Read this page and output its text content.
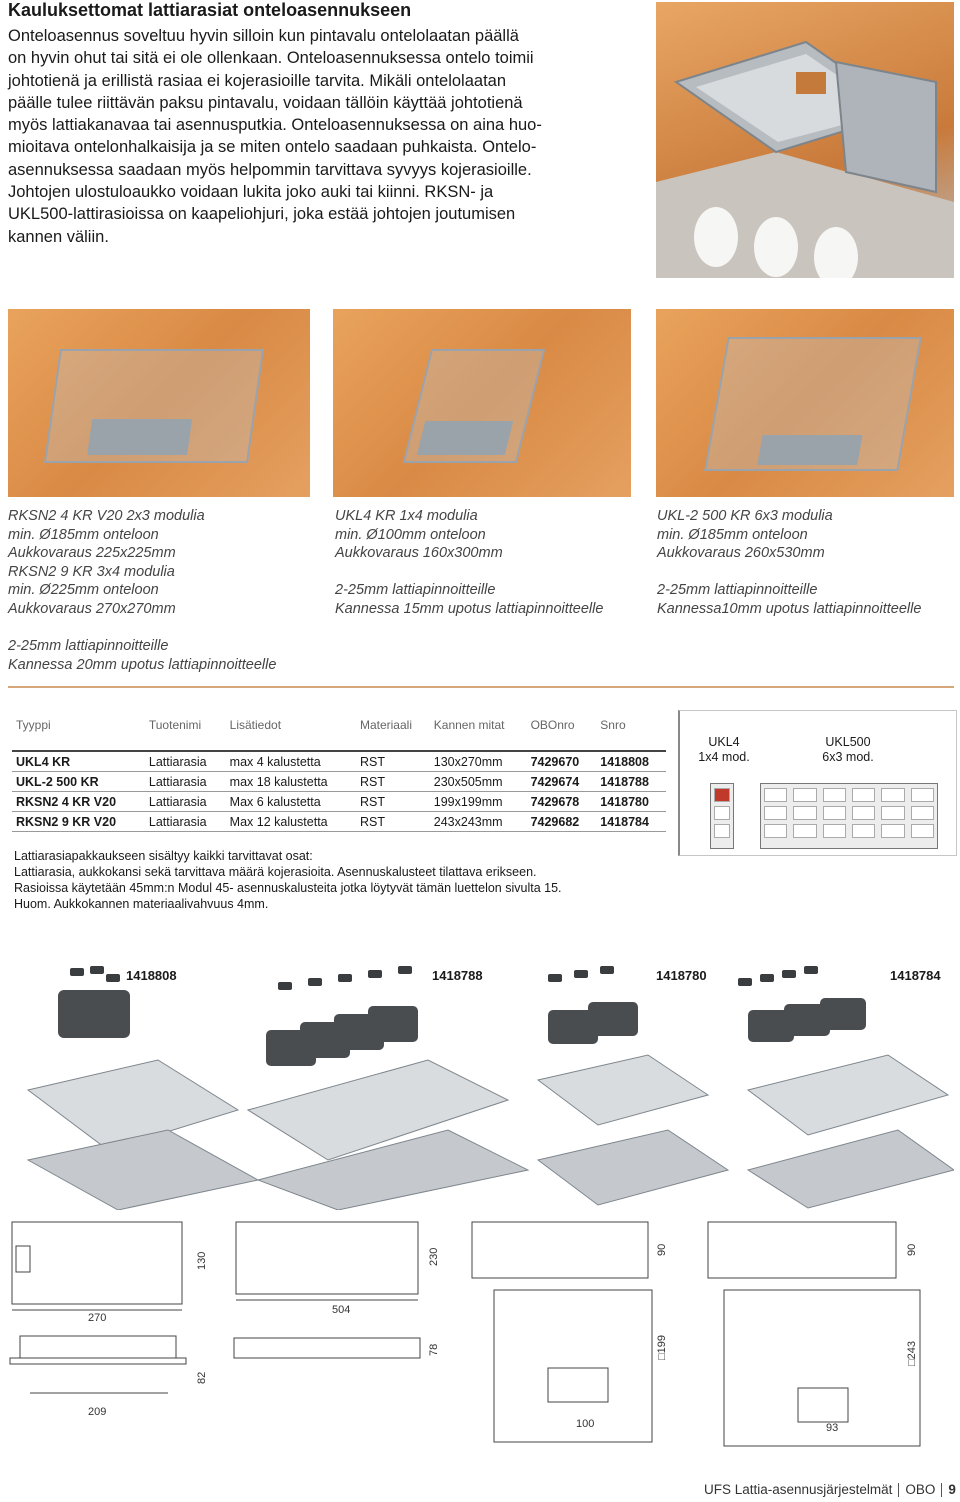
Kauluksettomat lattiarasiat onteloasennukseen

Onteloasennus soveltuu hyvin silloin kun pintavalu ontelolaatan päällä

on hyvin ohut tai sitä ei ole ollenkaan. Onteloasennuksessa ontelo toimii

johtotienä ja erillistä rasiaa ei kojerasioille tarvita. Mikäli ontelolaatan

päälle tulee riittävän paksu pintavalu, voidaan tällöin käyttää johtotienä

myös lattiakanavaa tai asennusputkia. Onteloasennuksessa on aina huo-

mioitava ontelonhalkaisija ja se miten ontelo saadaan puhkaista. Ontelo-

asennuksessa saadaan myös helpommin tarvittava syvyys kojerasioille.

Johtojen ulostuloaukko voidaan lukita joko auki tai kiinni. RKSN- ja

UKL500-lattirasioissa on kaapeliohjuri, joka estää johtojen joutumisen

kannen väliin.

RKSN2 4 KR V20 2x3 modulia
min. Ø185mm onteloon
Aukkovaraus 225x225mm
RKSN2 9 KR 3x4 modulia
min. Ø225mm onteloon
Aukkovaraus 270x270mm
2-25mm lattiapinnoitteille
Kannessa 20mm upotus lattiapinnoitteelle
UKL4 KR 1x4 modulia
min. Ø100mm onteloon
Aukkovaraus 160x300mm
2-25mm lattiapinnoitteille
Kannessa 15mm upotus lattiapinnoitteelle
UKL-2 500 KR 6x3 modulia
min. Ø185mm onteloon
Aukkovaraus 260x530mm
2-25mm lattiapinnoitteille
Kannessa10mm upotus lattiapinnoitteelle
Tyyppi	Tuotenimi	Lisätiedot	Materiaali	Kannen mitat	OBOnro	Snro
UKL4 KR	Lattiarasia	max 4 kalustetta	RST	130x270mm	7429670	1418808
UKL-2 500 KR	Lattiarasia	max 18 kalustetta	RST	230x505mm	7429674	1418788
RKSN2 4 KR V20	Lattiarasia	Max 6 kalustetta	RST	199x199mm	7429678	1418780
RKSN2 9 KR V20	Lattiarasia	Max 12 kalustetta	RST	243x243mm	7429682	1418784
Lattiarasiapakkaukseen sisältyy kaikki tarvittavat osat:
Lattiarasia, aukkokansi sekä tarvittava määrä kojerasioita. Asennuskalusteet tilattava erikseen.
Rasioissa käytetään 45mm:n Modul 45- asennuskalusteita jotka löytyvät tämän luettelon sivulta 15.
Huom. Aukkokannen materiaalivahvuus 4mm.
UKL4
1x4 mod.
UKL500
6x3 mod.
1418808	1418788	1418780	1418784
130
270
82
209
230
504
78
100
90
□199
90
□243
93
UFS Lattia-asennusjärjestelmät OBO 9
